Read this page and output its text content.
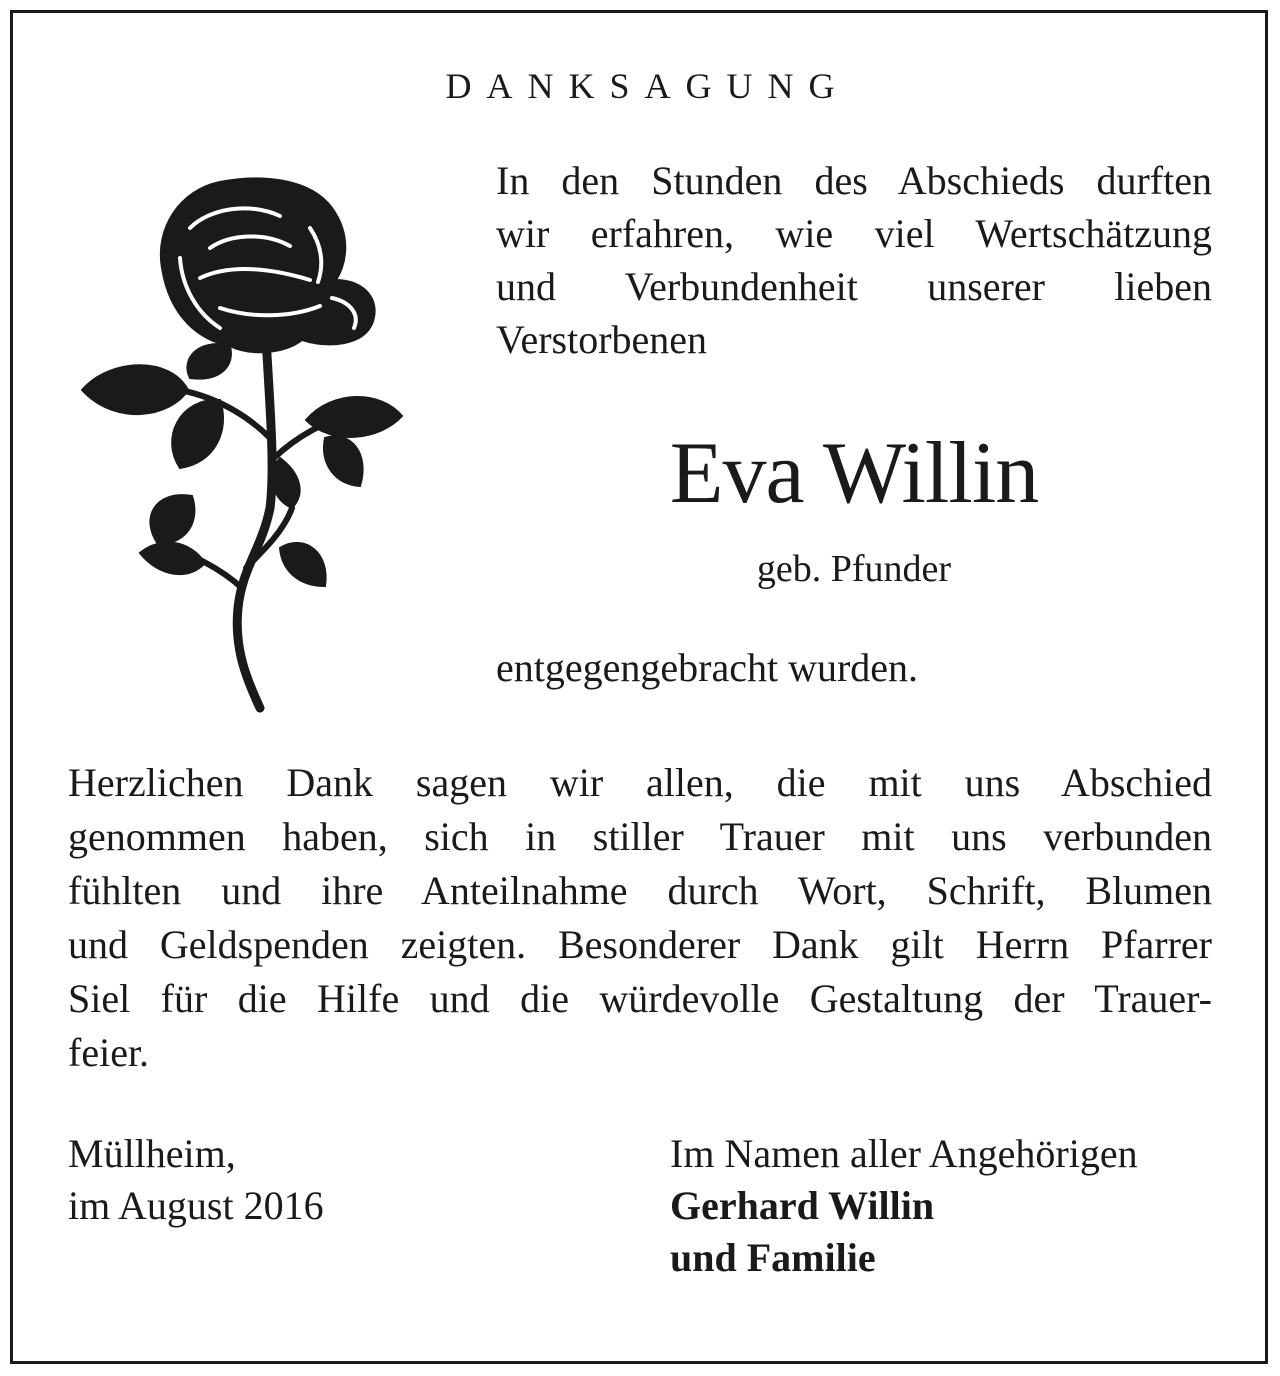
DANKSAGUNG
In den Stunden des Abschieds durften
wir erfahren, wie viel Wertschätzung
und Verbundenheit unserer lieben
Verstorbenen
Eva Willin
geb. Pfunder
entgegengebracht wurden.
Herzlichen Dank sagen wir allen, die mit uns Abschied
genommen haben, sich in stiller Trauer mit uns verbunden
fühlten und ihre Anteilnahme durch Wort, Schrift, Blumen
und Geldspenden zeigten. Besonderer Dank gilt Herrn Pfarrer
Siel für die Hilfe und die würdevolle Gestaltung der Trauer-
feier.
Müllheim,
im August 2016
Im Namen aller Angehörigen
Gerhard Willin
und Familie
